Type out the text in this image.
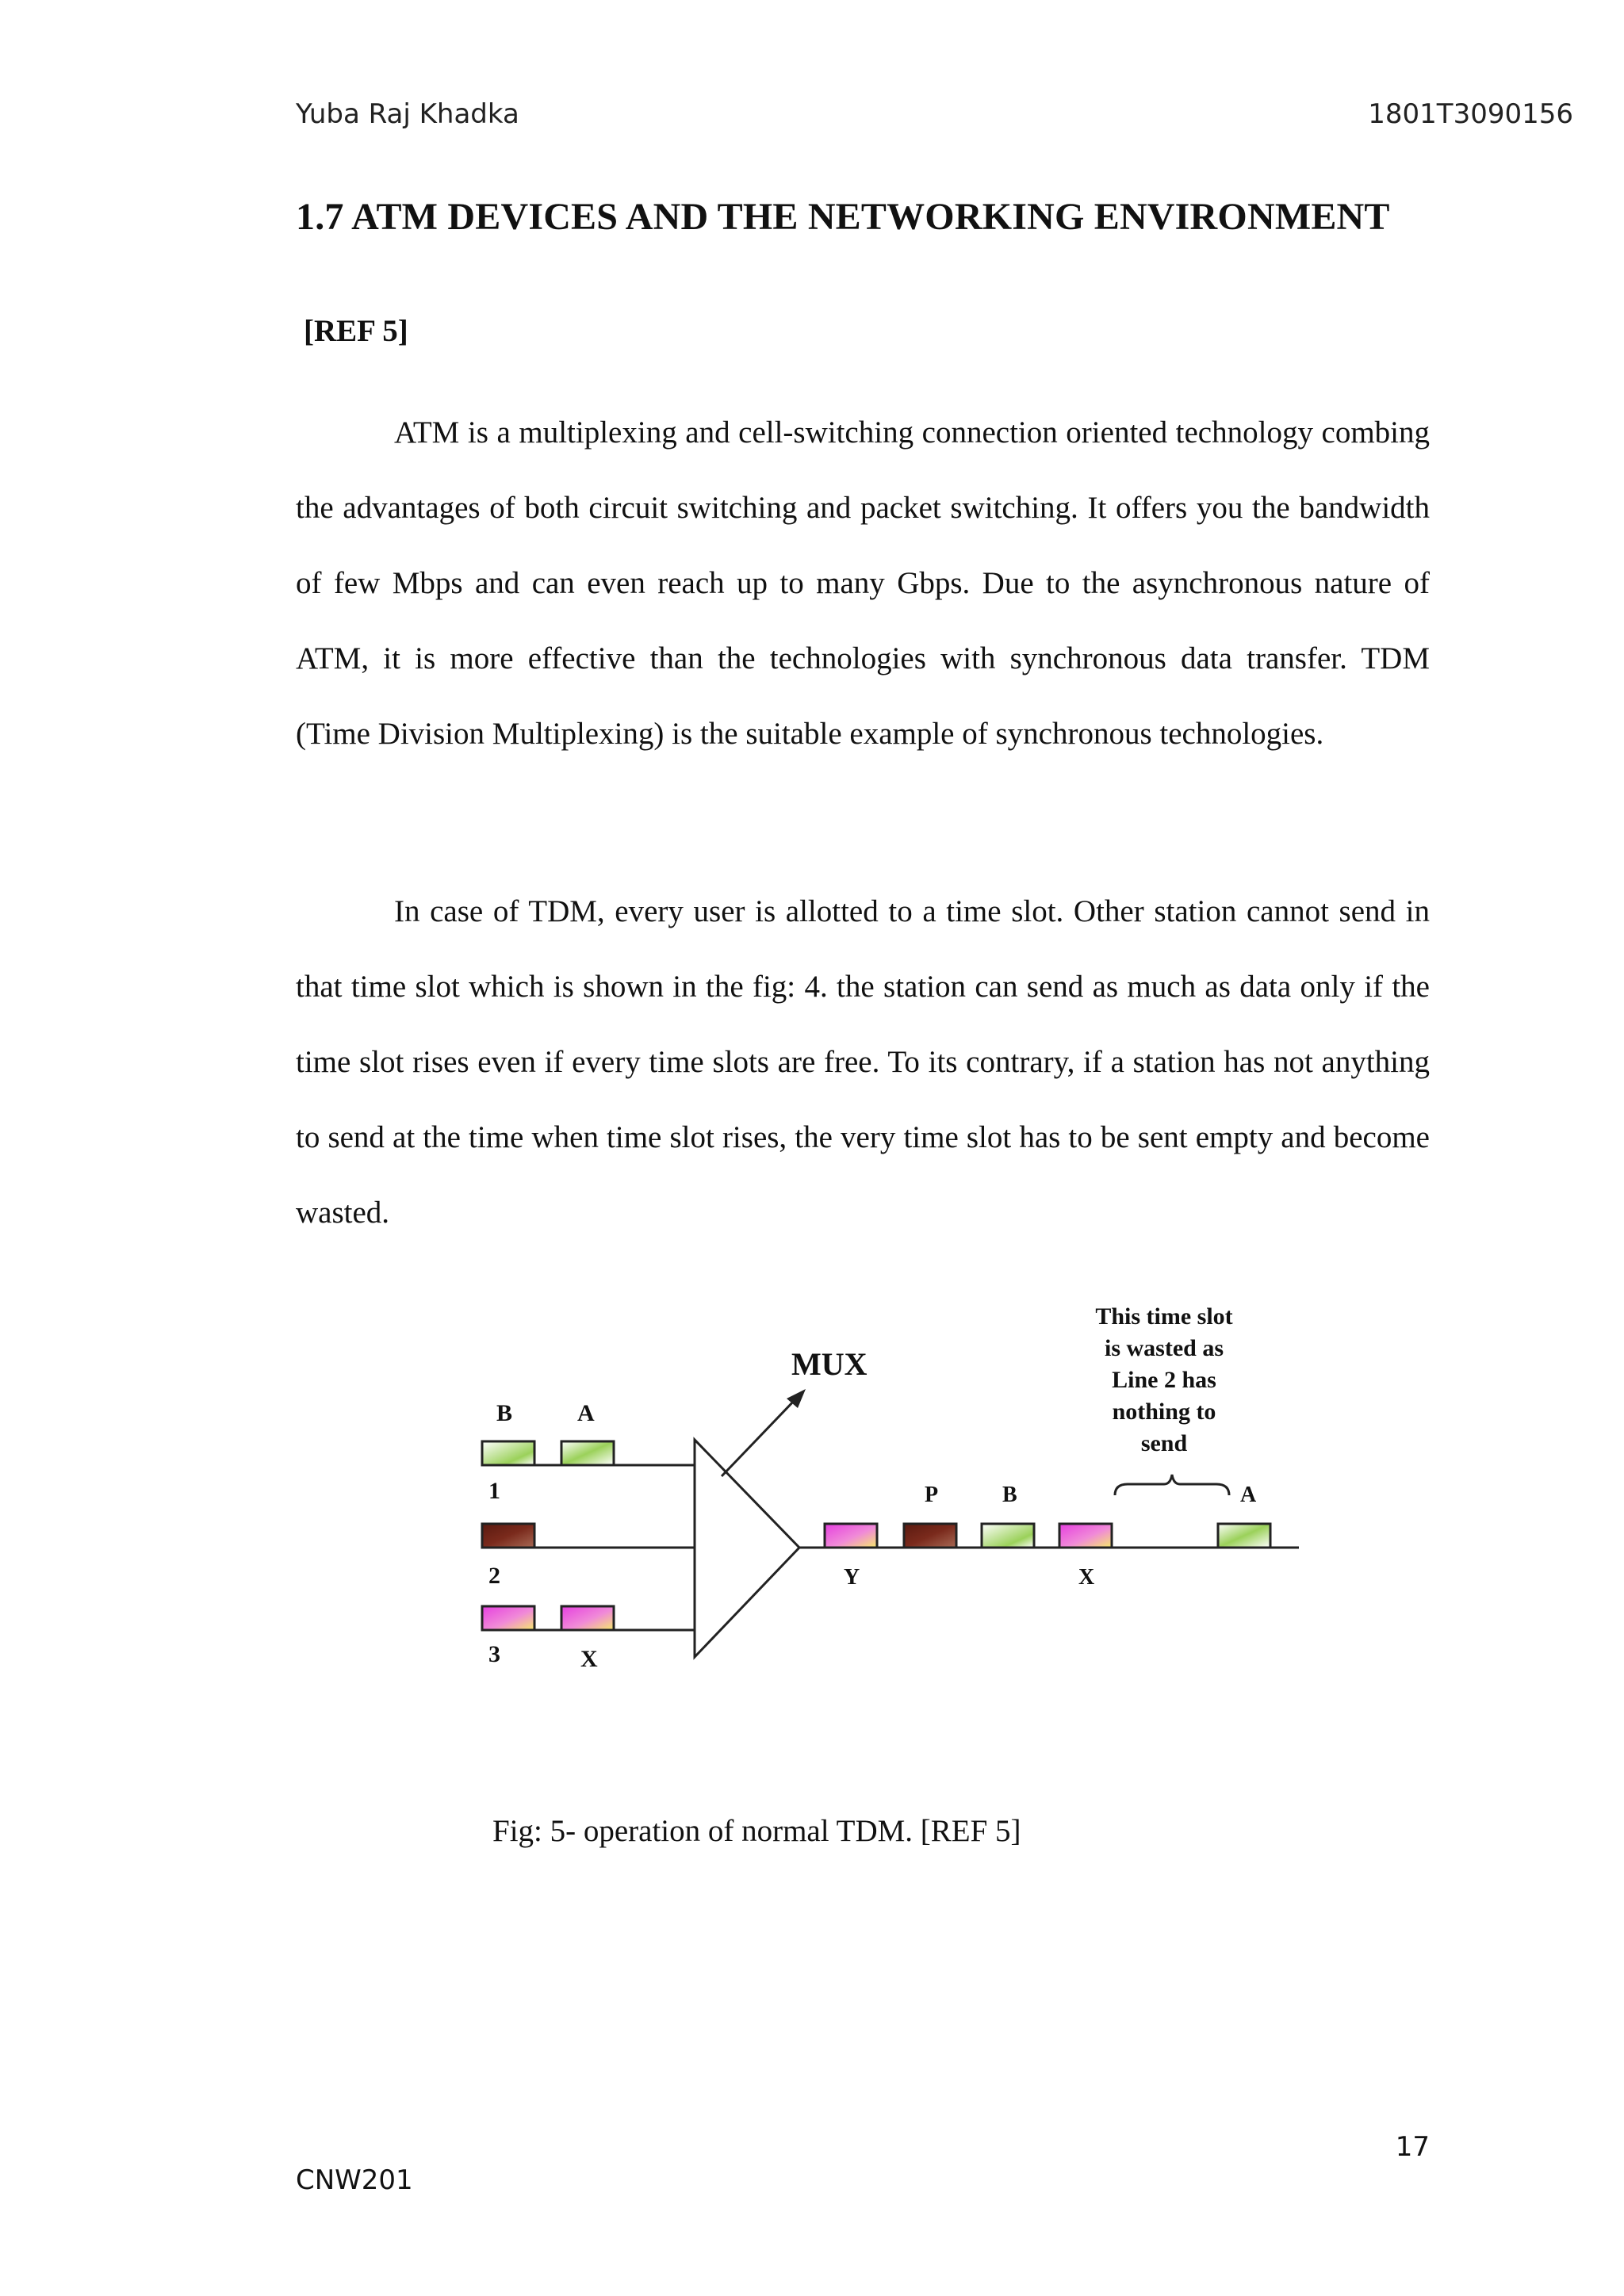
Yuba Raj Khadka	1801T3090156
1.7 ATM DEVICES AND THE NETWORKING ENVIRONMENT
[REF 5]

ATM is a multiplexing and cell-switching connection oriented technology combing the advantages of both circuit switching and packet switching. It offers you the bandwidth of few Mbps and can even reach up to many Gbps. Due to the asynchronous nature of ATM, it is more effective than the technologies with synchronous data transfer. TDM (Time Division Multiplexing) is the suitable example of synchronous technologies.

In case of TDM, every user is allotted to a time slot. Other station cannot send in that time slot which is shown in the fig: 4. the station can send as much as data only if the time slot rises even if every time slots are free. To its contrary, if a station has not anything to send at the time when time slot rises, the very time slot has to be sent empty and become wasted.

B	A
1
2
3	X
MUX
P	B	A
Y	X
This time slot
is wasted as
Line 2 has
nothing to
send
Fig: 5- operation of normal TDM. [REF 5]
17
CNW201
